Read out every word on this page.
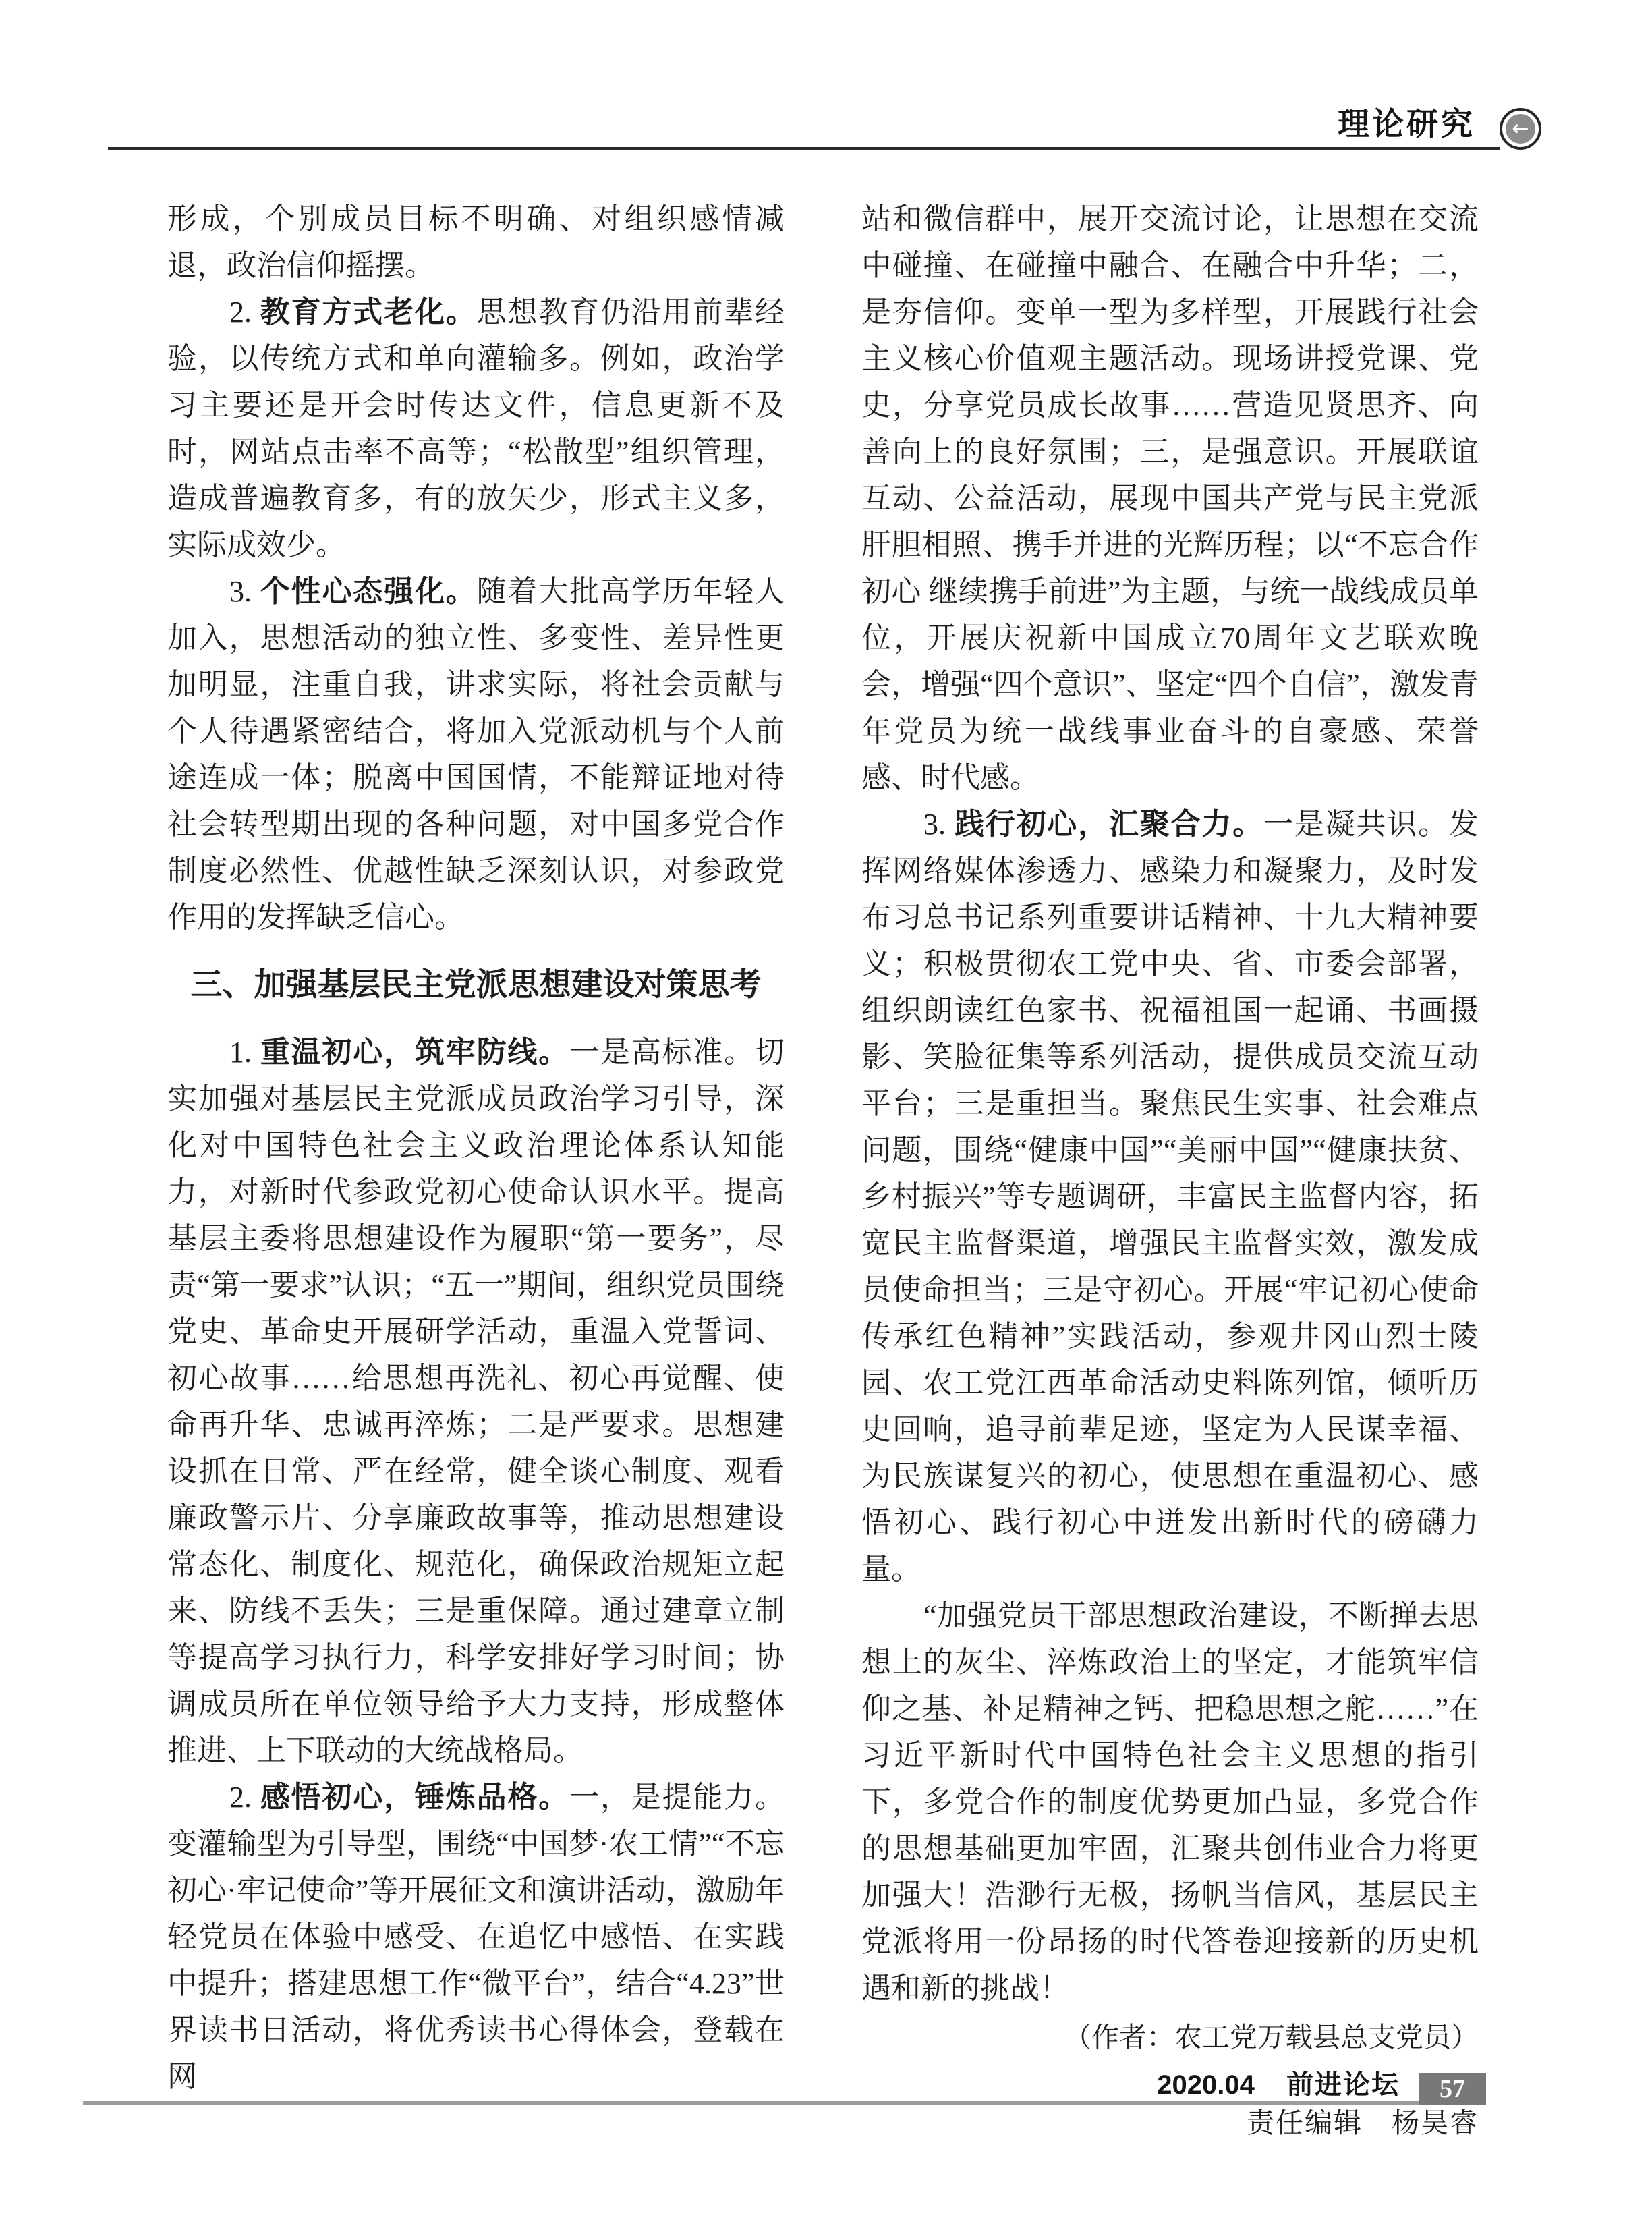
理论研究	←

形成，个别成员目标不明确、对组织感情减退，政治信仰摇摆。

2. 教育方式老化。思想教育仍沿用前辈经验，以传统方式和单向灌输多。例如，政治学习主要还是开会时传达文件，信息更新不及时，网站点击率不高等；“松散型”组织管理，造成普遍教育多，有的放矢少，形式主义多，实际成效少。

3. 个性心态强化。随着大批高学历年轻人加入，思想活动的独立性、多变性、差异性更加明显，注重自我，讲求实际，将社会贡献与个人待遇紧密结合，将加入党派动机与个人前途连成一体；脱离中国国情，不能辩证地对待社会转型期出现的各种问题，对中国多党合作制度必然性、优越性缺乏深刻认识，对参政党作用的发挥缺乏信心。

三、加强基层民主党派思想建设对策思考

1. 重温初心，筑牢防线。一是高标准。切实加强对基层民主党派成员政治学习引导，深化对中国特色社会主义政治理论体系认知能力，对新时代参政党初心使命认识水平。提高基层主委将思想建设作为履职“第一要务”，尽责“第一要求”认识；“五一”期间，组织党员围绕党史、革命史开展研学活动，重温入党誓词、初心故事……给思想再洗礼、初心再觉醒、使命再升华、忠诚再淬炼；二是严要求。思想建设抓在日常、严在经常，健全谈心制度、观看廉政警示片、分享廉政故事等，推动思想建设常态化、制度化、规范化，确保政治规矩立起来、防线不丢失；三是重保障。通过建章立制等提高学习执行力，科学安排好学习时间；协调成员所在单位领导给予大力支持，形成整体推进、上下联动的大统战格局。

2. 感悟初心，锤炼品格。一，是提能力。变灌输型为引导型，围绕“中国梦·农工情”“不忘初心·牢记使命”等开展征文和演讲活动，激励年轻党员在体验中感受、在追忆中感悟、在实践中提升；搭建思想工作“微平台”，结合“4.23”世界读书日活动，将优秀读书心得体会，登载在网

站和微信群中，展开交流讨论，让思想在交流中碰撞、在碰撞中融合、在融合中升华；二，是夯信仰。变单一型为多样型，开展践行社会主义核心价值观主题活动。现场讲授党课、党史，分享党员成长故事……营造见贤思齐、向善向上的良好氛围；三，是强意识。开展联谊互动、公益活动，展现中国共产党与民主党派肝胆相照、携手并进的光辉历程；以“不忘合作初心 继续携手前进”为主题，与统一战线成员单位，开展庆祝新中国成立70周年文艺联欢晚会，增强“四个意识”、坚定“四个自信”，激发青年党员为统一战线事业奋斗的自豪感、荣誉感、时代感。

3. 践行初心，汇聚合力。一是凝共识。发挥网络媒体渗透力、感染力和凝聚力，及时发布习总书记系列重要讲话精神、十九大精神要义；积极贯彻农工党中央、省、市委会部署，组织朗读红色家书、祝福祖国一起诵、书画摄影、笑脸征集等系列活动，提供成员交流互动平台；三是重担当。聚焦民生实事、社会难点问题，围绕“健康中国”“美丽中国”“健康扶贫、乡村振兴”等专题调研，丰富民主监督内容，拓宽民主监督渠道，增强民主监督实效，激发成员使命担当；三是守初心。开展“牢记初心使命 传承红色精神”实践活动，参观井冈山烈士陵园、农工党江西革命活动史料陈列馆，倾听历史回响，追寻前辈足迹，坚定为人民谋幸福、为民族谋复兴的初心，使思想在重温初心、感悟初心、践行初心中迸发出新时代的磅礴力量。

“加强党员干部思想政治建设，不断掸去思想上的灰尘、淬炼政治上的坚定，才能筑牢信仰之基、补足精神之钙、把稳思想之舵……”在习近平新时代中国特色社会主义思想的指引下，多党合作的制度优势更加凸显，多党合作的思想基础更加牢固，汇聚共创伟业合力将更加强大！浩渺行无极，扬帆当信风，基层民主党派将用一份昂扬的时代答卷迎接新的历史机遇和新的挑战！

（作者：农工党万载县总支党员）
责任编辑　杨昊睿
2020.04 前进论坛	57
